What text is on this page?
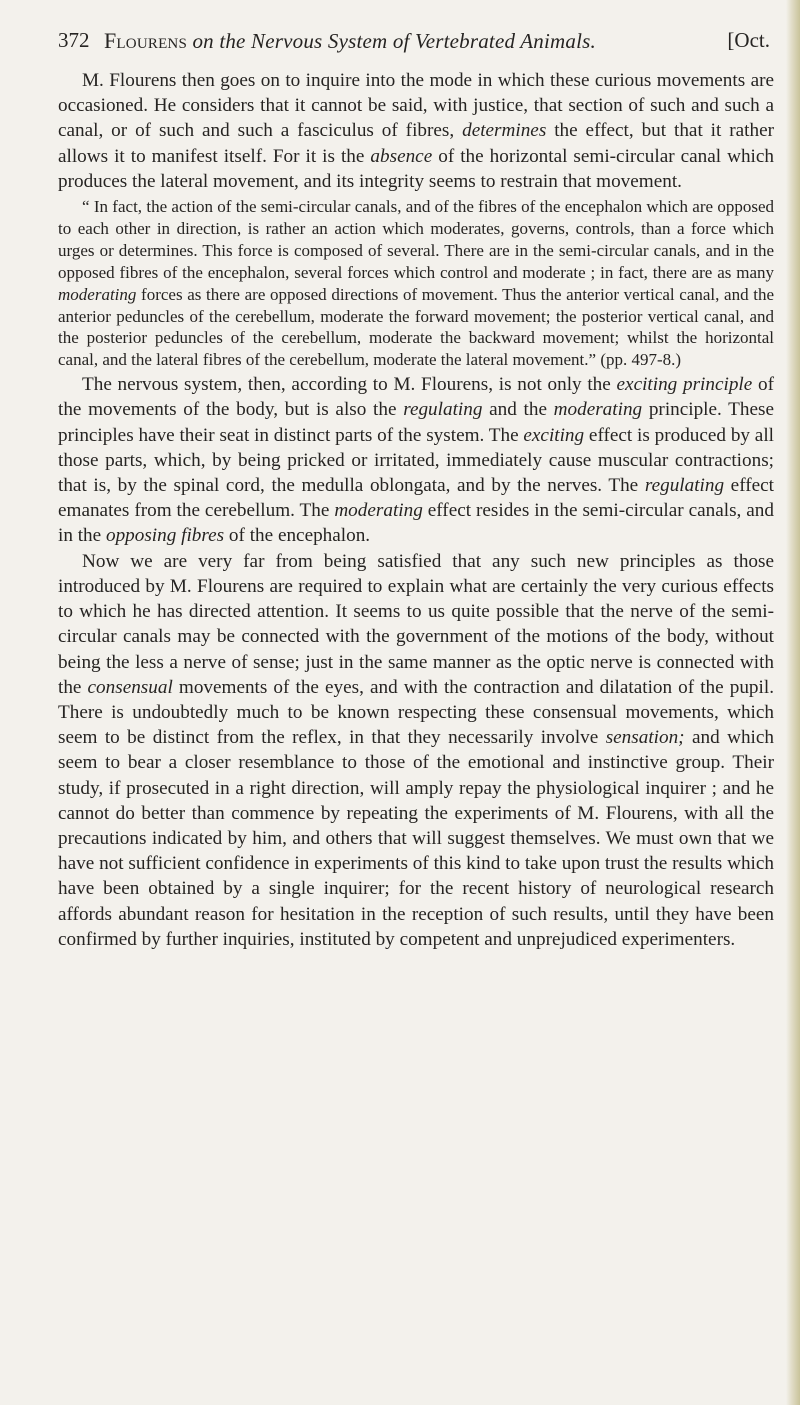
372 Flourens on the Nervous System of Vertebrated Animals.	[Oct.

M. Flourens then goes on to inquire into the mode in which these curious movements are occasioned. He considers that it cannot be said, with justice, that section of such and such a canal, or of such and such a fasciculus of fibres, determines the effect, but that it rather allows it to manifest itself. For it is the absence of the horizontal semi-circular canal which produces the lateral movement, and its integrity seems to restrain that movement.

“ In fact, the action of the semi-circular canals, and of the fibres of the encephalon which are opposed to each other in direction, is rather an action which moderates, governs, controls, than a force which urges or determines. This force is composed of several. There are in the semi-circular canals, and in the opposed fibres of the encephalon, several forces which control and moderate ; in fact, there are as many moderating forces as there are opposed directions of movement. Thus the anterior vertical canal, and the anterior peduncles of the cerebellum, moderate the forward movement; the posterior vertical canal, and the posterior peduncles of the cerebellum, moderate the backward movement; whilst the horizontal canal, and the lateral fibres of the cerebellum, moderate the lateral movement.” (pp. 497-8.)

The nervous system, then, according to M. Flourens, is not only the exciting principle of the movements of the body, but is also the regulating and the moderating principle. These principles have their seat in distinct parts of the system. The exciting effect is produced by all those parts, which, by being pricked or irritated, immediately cause muscular contractions; that is, by the spinal cord, the medulla oblongata, and by the nerves. The regulating effect emanates from the cerebellum. The moderating effect resides in the semi-circular canals, and in the opposing fibres of the encephalon.

Now we are very far from being satisfied that any such new principles as those introduced by M. Flourens are required to explain what are certainly the very curious effects to which he has directed attention. It seems to us quite possible that the nerve of the semi-circular canals may be connected with the government of the motions of the body, without being the less a nerve of sense; just in the same manner as the optic nerve is connected with the consensual movements of the eyes, and with the contraction and dilatation of the pupil. There is undoubtedly much to be known respecting these consensual movements, which seem to be distinct from the reflex, in that they necessarily involve sensation; and which seem to bear a closer resemblance to those of the emotional and instinctive group. Their study, if prosecuted in a right direction, will amply repay the physiological inquirer ; and he cannot do better than commence by repeating the experiments of M. Flourens, with all the precautions indicated by him, and others that will suggest themselves. We must own that we have not sufficient confidence in experiments of this kind to take upon trust the results which have been obtained by a single inquirer; for the recent history of neurological research affords abundant reason for hesitation in the reception of such results, until they have been confirmed by further inquiries, instituted by competent and unprejudiced experimenters.
